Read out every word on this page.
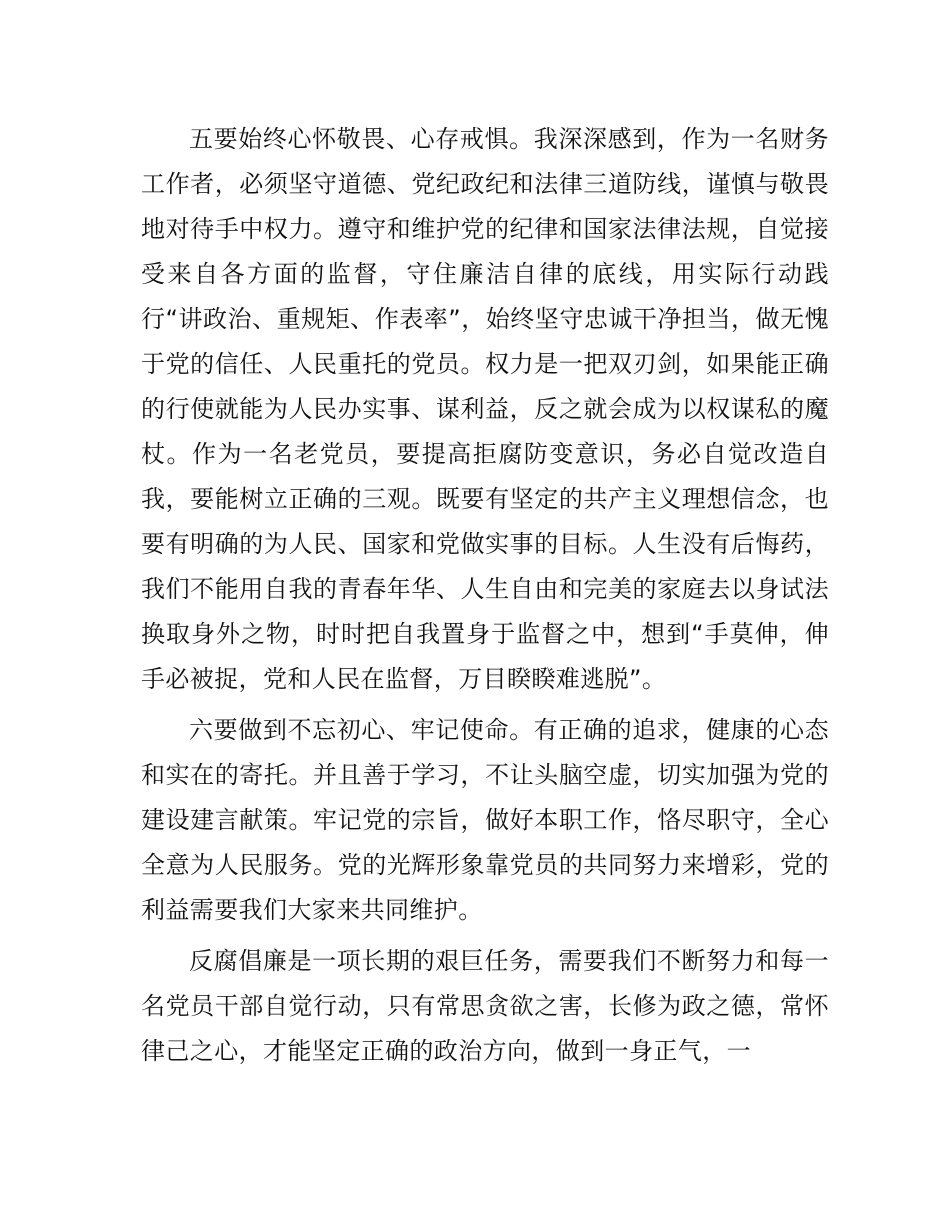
五要始终心怀敬畏、心存戒惧。我深深感到，作为一名财务工作者，必须坚守道德、党纪政纪和法律三道防线，谨慎与敬畏地对待手中权力。遵守和维护党的纪律和国家法律法规，自觉接受来自各方面的监督，守住廉洁自律的底线，用实际行动践行“讲政治、重规矩、作表率”，始终坚守忠诚干净担当，做无愧于党的信任、人民重托的党员。权力是一把双刃剑，如果能正确的行使就能为人民办实事、谋利益，反之就会成为以权谋私的魔杖。作为一名老党员，要提高拒腐防变意识，务必自觉改造自我，要能树立正确的三观。既要有坚定的共产主义理想信念，也要有明确的为人民、国家和党做实事的目标。人生没有后悔药，我们不能用自我的青春年华、人生自由和完美的家庭去以身试法换取身外之物，时时把自我置身于监督之中，想到“手莫伸，伸手必被捉，党和人民在监督，万目睽睽难逃脱”。

六要做到不忘初心、牢记使命。有正确的追求，健康的心态和实在的寄托。并且善于学习，不让头脑空虚，切实加强为党的建设建言献策。牢记党的宗旨，做好本职工作，恪尽职守，全心全意为人民服务。党的光辉形象靠党员的共同努力来增彩，党的利益需要我们大家来共同维护。

反腐倡廉是一项长期的艰巨任务，需要我们不断努力和每一名党员干部自觉行动，只有常思贪欲之害，长修为政之德，常怀律己之心，才能坚定正确的政治方向，做到一身正气，一
